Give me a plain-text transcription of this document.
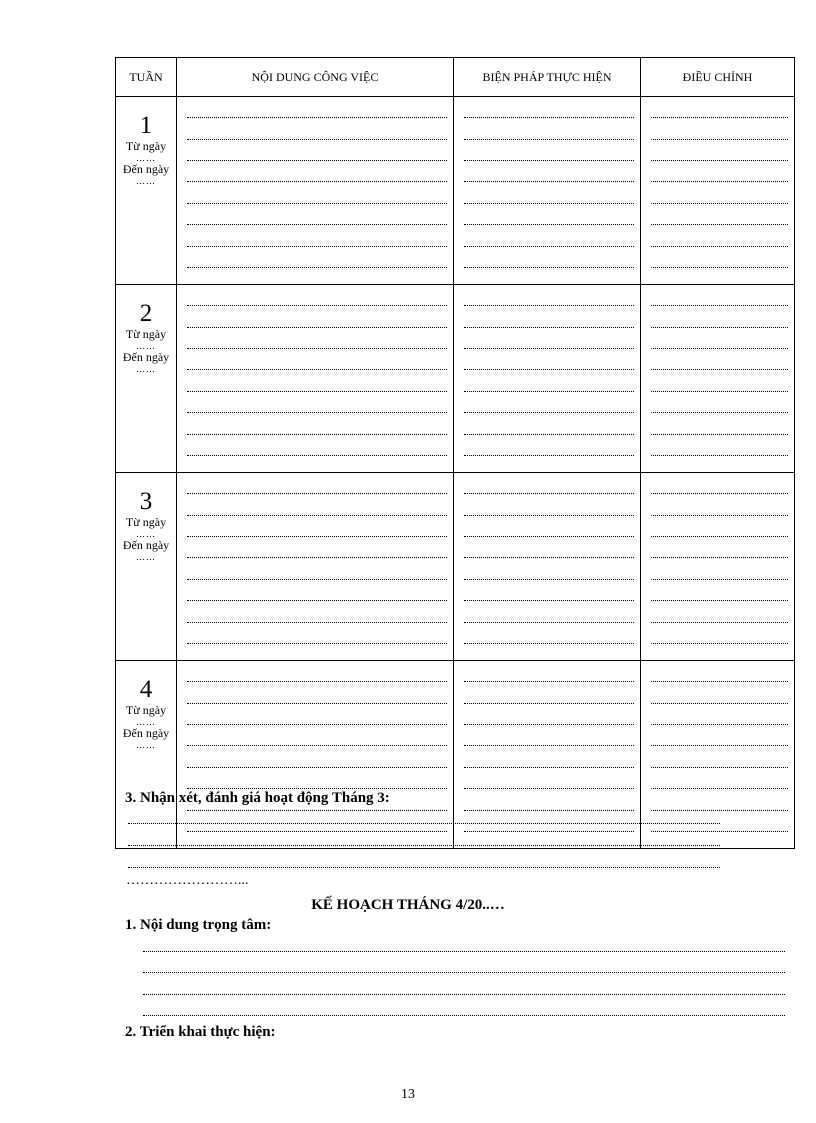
TUẦN	NỘI DUNG CÔNG VIỆC	BIỆN PHÁP THỰC HIỆN	ĐIỀU CHỈNH

1
Từ ngày
……
Đến ngày
……			

2
Từ ngày
……
Đến ngày
……			

3
Từ ngày
……
Đến ngày
……			

4
Từ ngày
……
Đến ngày
……			

3. Nhận xét, đánh giá hoạt động Tháng 3:
……………………...
KẾ HOẠCH THÁNG 4/20..…
1. Nội dung trọng tâm:
2. Triển khai thực hiện:
13
